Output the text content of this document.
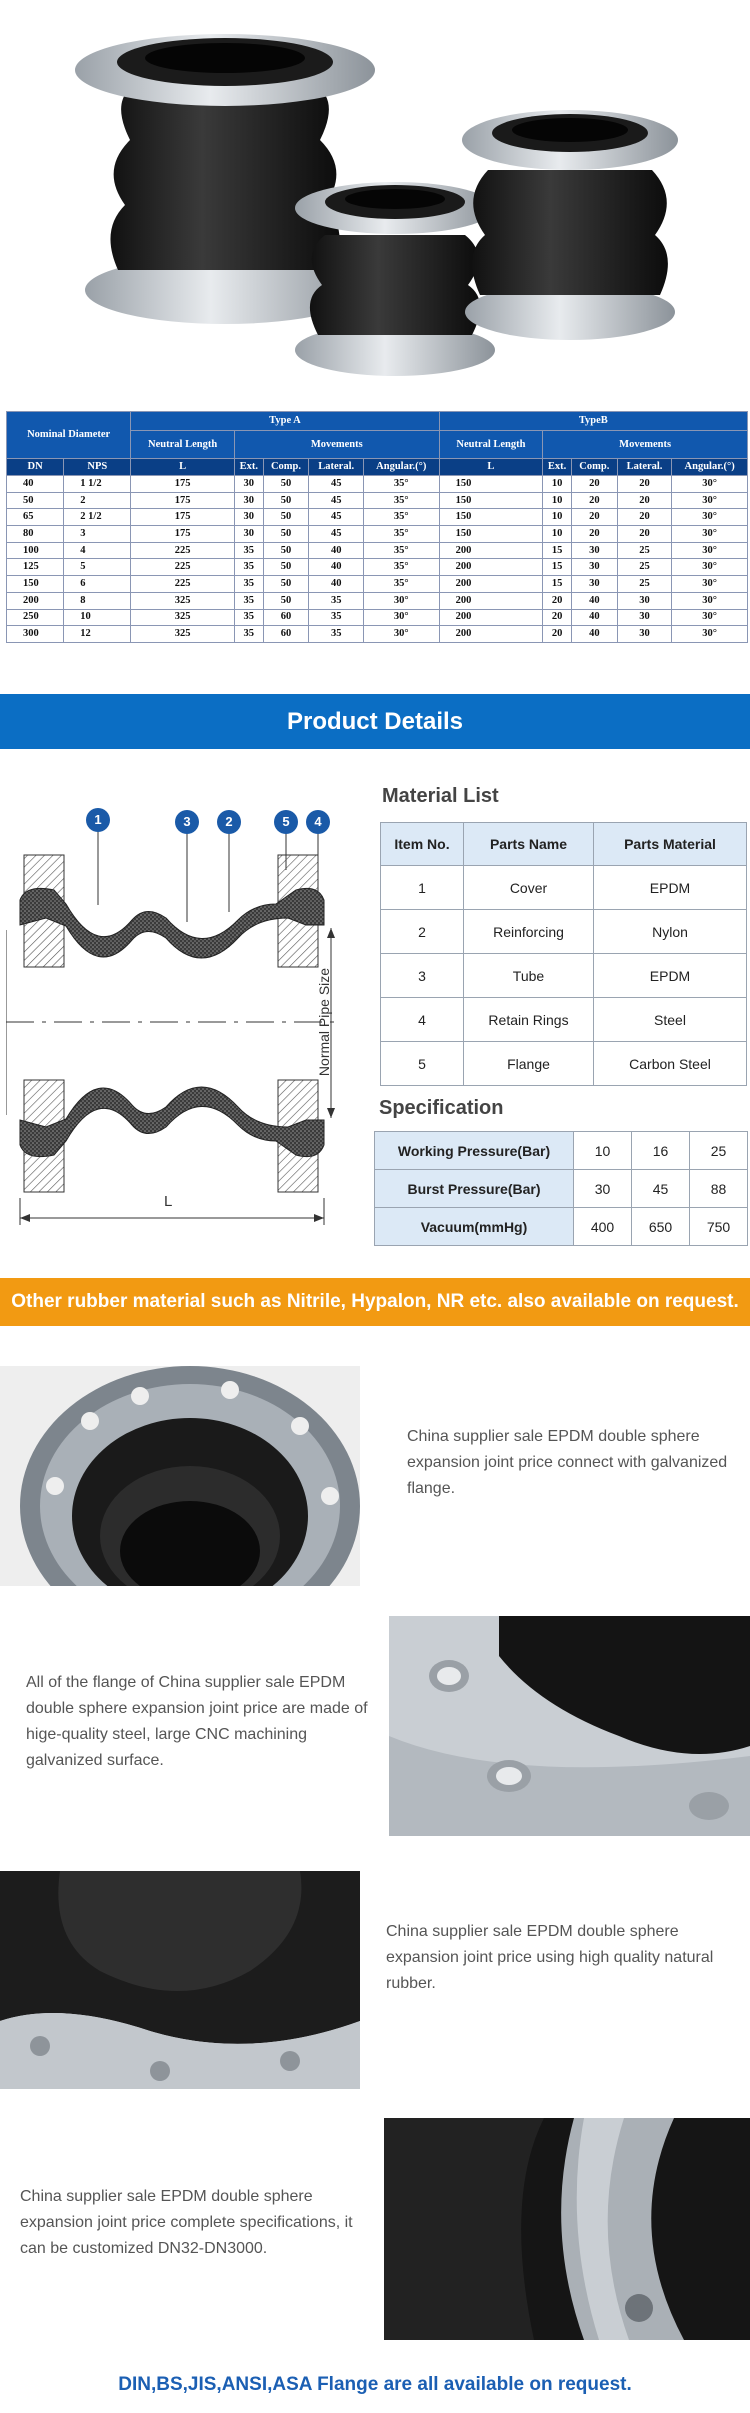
Nominal Diameter		Type A					TypeB				
		Neutral Length	Movements				Neutral Length	Movements			
DN	NPS	L	Ext.	Comp.	Lateral.	Angular.(°)	L	Ext.	Comp.	Lateral.	Angular.(°)
40	1 1/2	175	30	50	45	35°	150	10	20	20	30°
50	2	175	30	50	45	35°	150	10	20	20	30°
65	2 1/2	175	30	50	45	35°	150	10	20	20	30°
80	3	175	30	50	45	35°	150	10	20	20	30°
100	4	225	35	50	40	35°	200	15	30	25	30°
125	5	225	35	50	40	35°	200	15	30	25	30°
150	6	225	35	50	40	35°	200	15	30	25	30°
200	8	325	35	50	35	30°	200	20	40	30	30°
250	10	325	35	60	35	30°	200	20	40	30	30°
300	12	325	35	60	35	30°	200	20	40	30	30°
Product Details
1	3	2	5	4
L
Normal Pipe Size
Material List
Item No.	Parts Name	Parts Material
1	Cover	EPDM
2	Reinforcing	Nylon
3	Tube	EPDM
4	Retain Rings	Steel
5	Flange	Carbon Steel
Specification
Working Pressure(Bar)	10	16	25
Burst Pressure(Bar)	30	45	88
Vacuum(mmHg)	400	650	750
Other rubber material such as Nitrile, Hypalon, NR etc. also available on request.
China supplier sale EPDM double sphere expansion joint price connect with galvanized flange.
All of the flange of China supplier sale EPDM double sphere expansion joint price are made of hige-quality steel, large CNC machining galvanized surface.
China supplier sale EPDM double sphere expansion joint price using high quality natural rubber.
China supplier sale EPDM double sphere expansion joint price complete specifications, it can be customized DN32-DN3000.
DIN,BS,JIS,ANSI,ASA Flange are all available on request.
